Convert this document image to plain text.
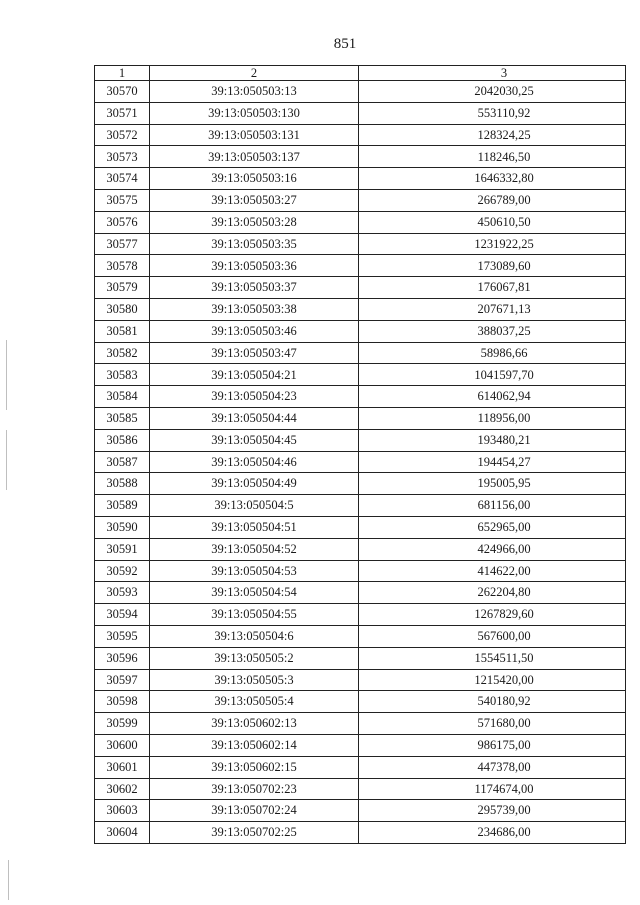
851
1	2	3
30570	39:13:050503:13	2042030,25
30571	39:13:050503:130	553110,92
30572	39:13:050503:131	128324,25
30573	39:13:050503:137	118246,50
30574	39:13:050503:16	1646332,80
30575	39:13:050503:27	266789,00
30576	39:13:050503:28	450610,50
30577	39:13:050503:35	1231922,25
30578	39:13:050503:36	173089,60
30579	39:13:050503:37	176067,81
30580	39:13:050503:38	207671,13
30581	39:13:050503:46	388037,25
30582	39:13:050503:47	58986,66
30583	39:13:050504:21	1041597,70
30584	39:13:050504:23	614062,94
30585	39:13:050504:44	118956,00
30586	39:13:050504:45	193480,21
30587	39:13:050504:46	194454,27
30588	39:13:050504:49	195005,95
30589	39:13:050504:5	681156,00
30590	39:13:050504:51	652965,00
30591	39:13:050504:52	424966,00
30592	39:13:050504:53	414622,00
30593	39:13:050504:54	262204,80
30594	39:13:050504:55	1267829,60
30595	39:13:050504:6	567600,00
30596	39:13:050505:2	1554511,50
30597	39:13:050505:3	1215420,00
30598	39:13:050505:4	540180,92
30599	39:13:050602:13	571680,00
30600	39:13:050602:14	986175,00
30601	39:13:050602:15	447378,00
30602	39:13:050702:23	1174674,00
30603	39:13:050702:24	295739,00
30604	39:13:050702:25	234686,00
